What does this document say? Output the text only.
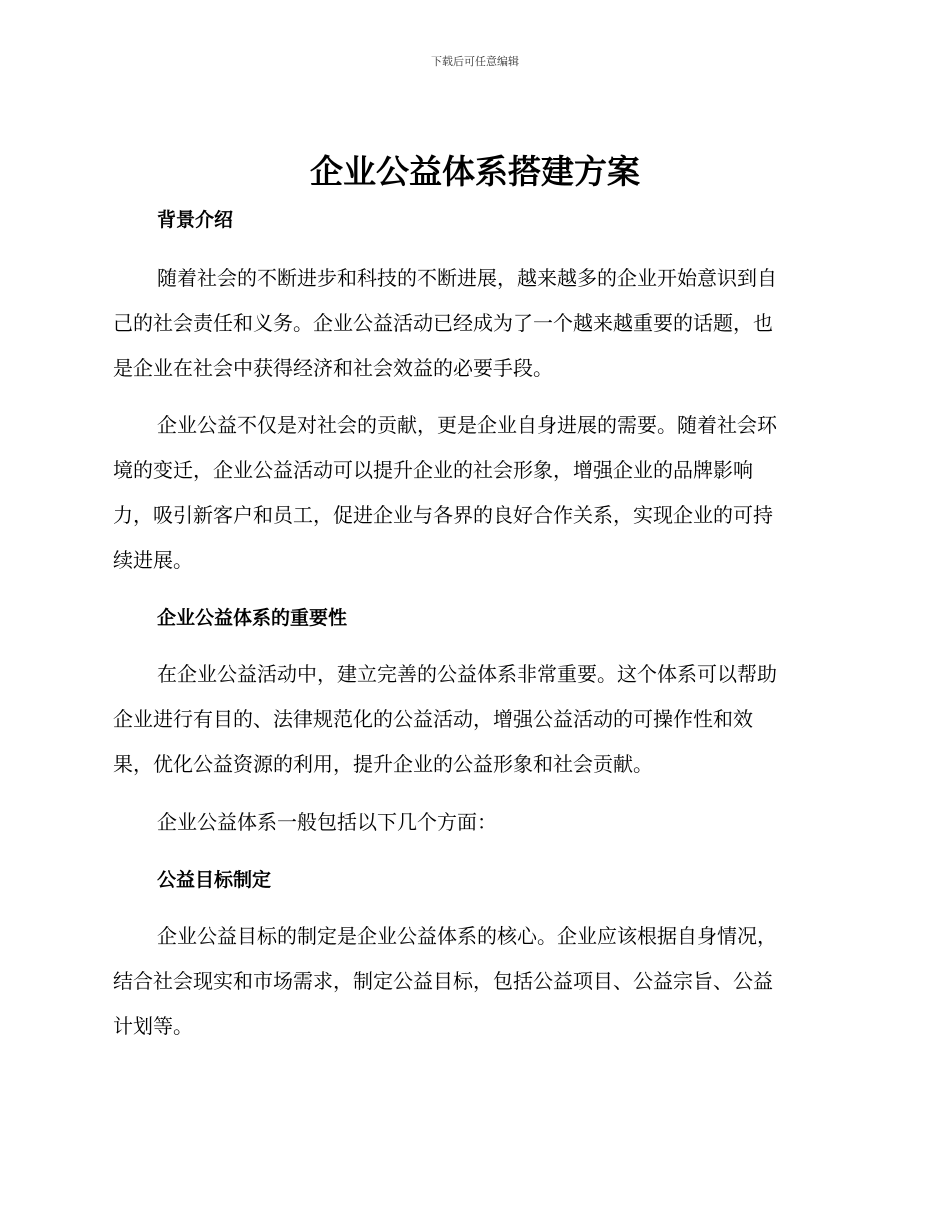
下载后可任意编辑
企业公益体系搭建方案
背景介绍

随着社会的不断进步和科技的不断进展，越来越多的企业开始意识到自
己的社会责任和义务。企业公益活动已经成为了一个越来越重要的话题，也
是企业在社会中获得经济和社会效益的必要手段。

企业公益不仅是对社会的贡献，更是企业自身进展的需要。随着社会环
境的变迁，企业公益活动可以提升企业的社会形象，增强企业的品牌影响
力，吸引新客户和员工，促进企业与各界的良好合作关系，实现企业的可持
续进展。

企业公益体系的重要性

在企业公益活动中，建立完善的公益体系非常重要。这个体系可以帮助
企业进行有目的、法律规范化的公益活动，增强公益活动的可操作性和效
果，优化公益资源的利用，提升企业的公益形象和社会贡献。

企业公益体系一般包括以下几个方面：

公益目标制定

企业公益目标的制定是企业公益体系的核心。企业应该根据自身情况，
结合社会现实和市场需求，制定公益目标，包括公益项目、公益宗旨、公益
计划等。
